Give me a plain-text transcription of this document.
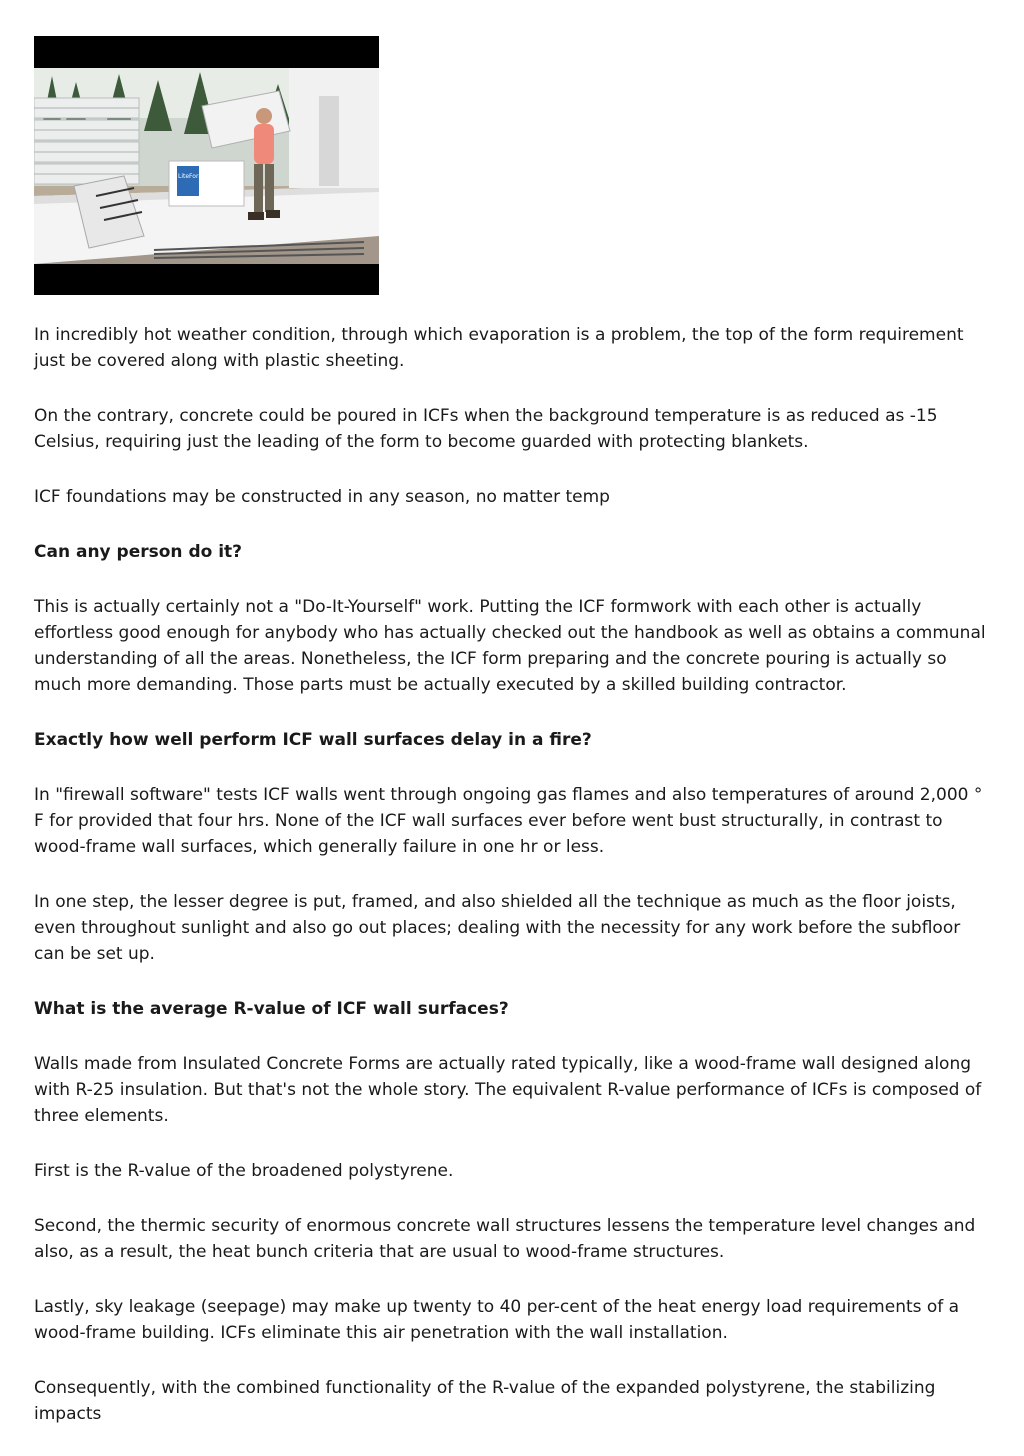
LiteForm

In incredibly hot weather condition, through which evaporation is a problem, the top of the form requirement just be covered along with plastic sheeting.

On the contrary, concrete could be poured in ICFs when the background temperature is as reduced as -15 Celsius, requiring just the leading of the form to become guarded with protecting blankets.

ICF foundations may be constructed in any season, no matter temp

Can any person do it?

This is actually certainly not a "Do-It-Yourself" work. Putting the ICF formwork with each other is actually effortless good enough for anybody who has actually checked out the handbook as well as obtains a communal understanding of all the areas. Nonetheless, the ICF form preparing and the concrete pouring is actually so much more demanding. Those parts must be actually executed by a skilled building contractor.

Exactly how well perform ICF wall surfaces delay in a fire?

In "firewall software" tests ICF walls went through ongoing gas flames and also temperatures of around 2,000 ° F for provided that four hrs. None of the ICF wall surfaces ever before went bust structurally, in contrast to wood-frame wall surfaces, which generally failure in one hr or less.

In one step, the lesser degree is put, framed, and also shielded all the technique as much as the floor joists, even throughout sunlight and also go out places; dealing with the necessity for any work before the subfloor can be set up.

What is the average R-value of ICF wall surfaces?

Walls made from Insulated Concrete Forms are actually rated typically, like a wood-frame wall designed along with R-25 insulation. But that's not the whole story. The equivalent R-value performance of ICFs is composed of three elements.

First is the R-value of the broadened polystyrene.

Second, the thermic security of enormous concrete wall structures lessens the temperature level changes and also, as a result, the heat bunch criteria that are usual to wood-frame structures.

Lastly, sky leakage (seepage) may make up twenty to 40 per-cent of the heat energy load requirements of a wood-frame building. ICFs eliminate this air penetration with the wall installation.

Consequently, with the combined functionality of the R-value of the expanded polystyrene, the stabilizing impacts
